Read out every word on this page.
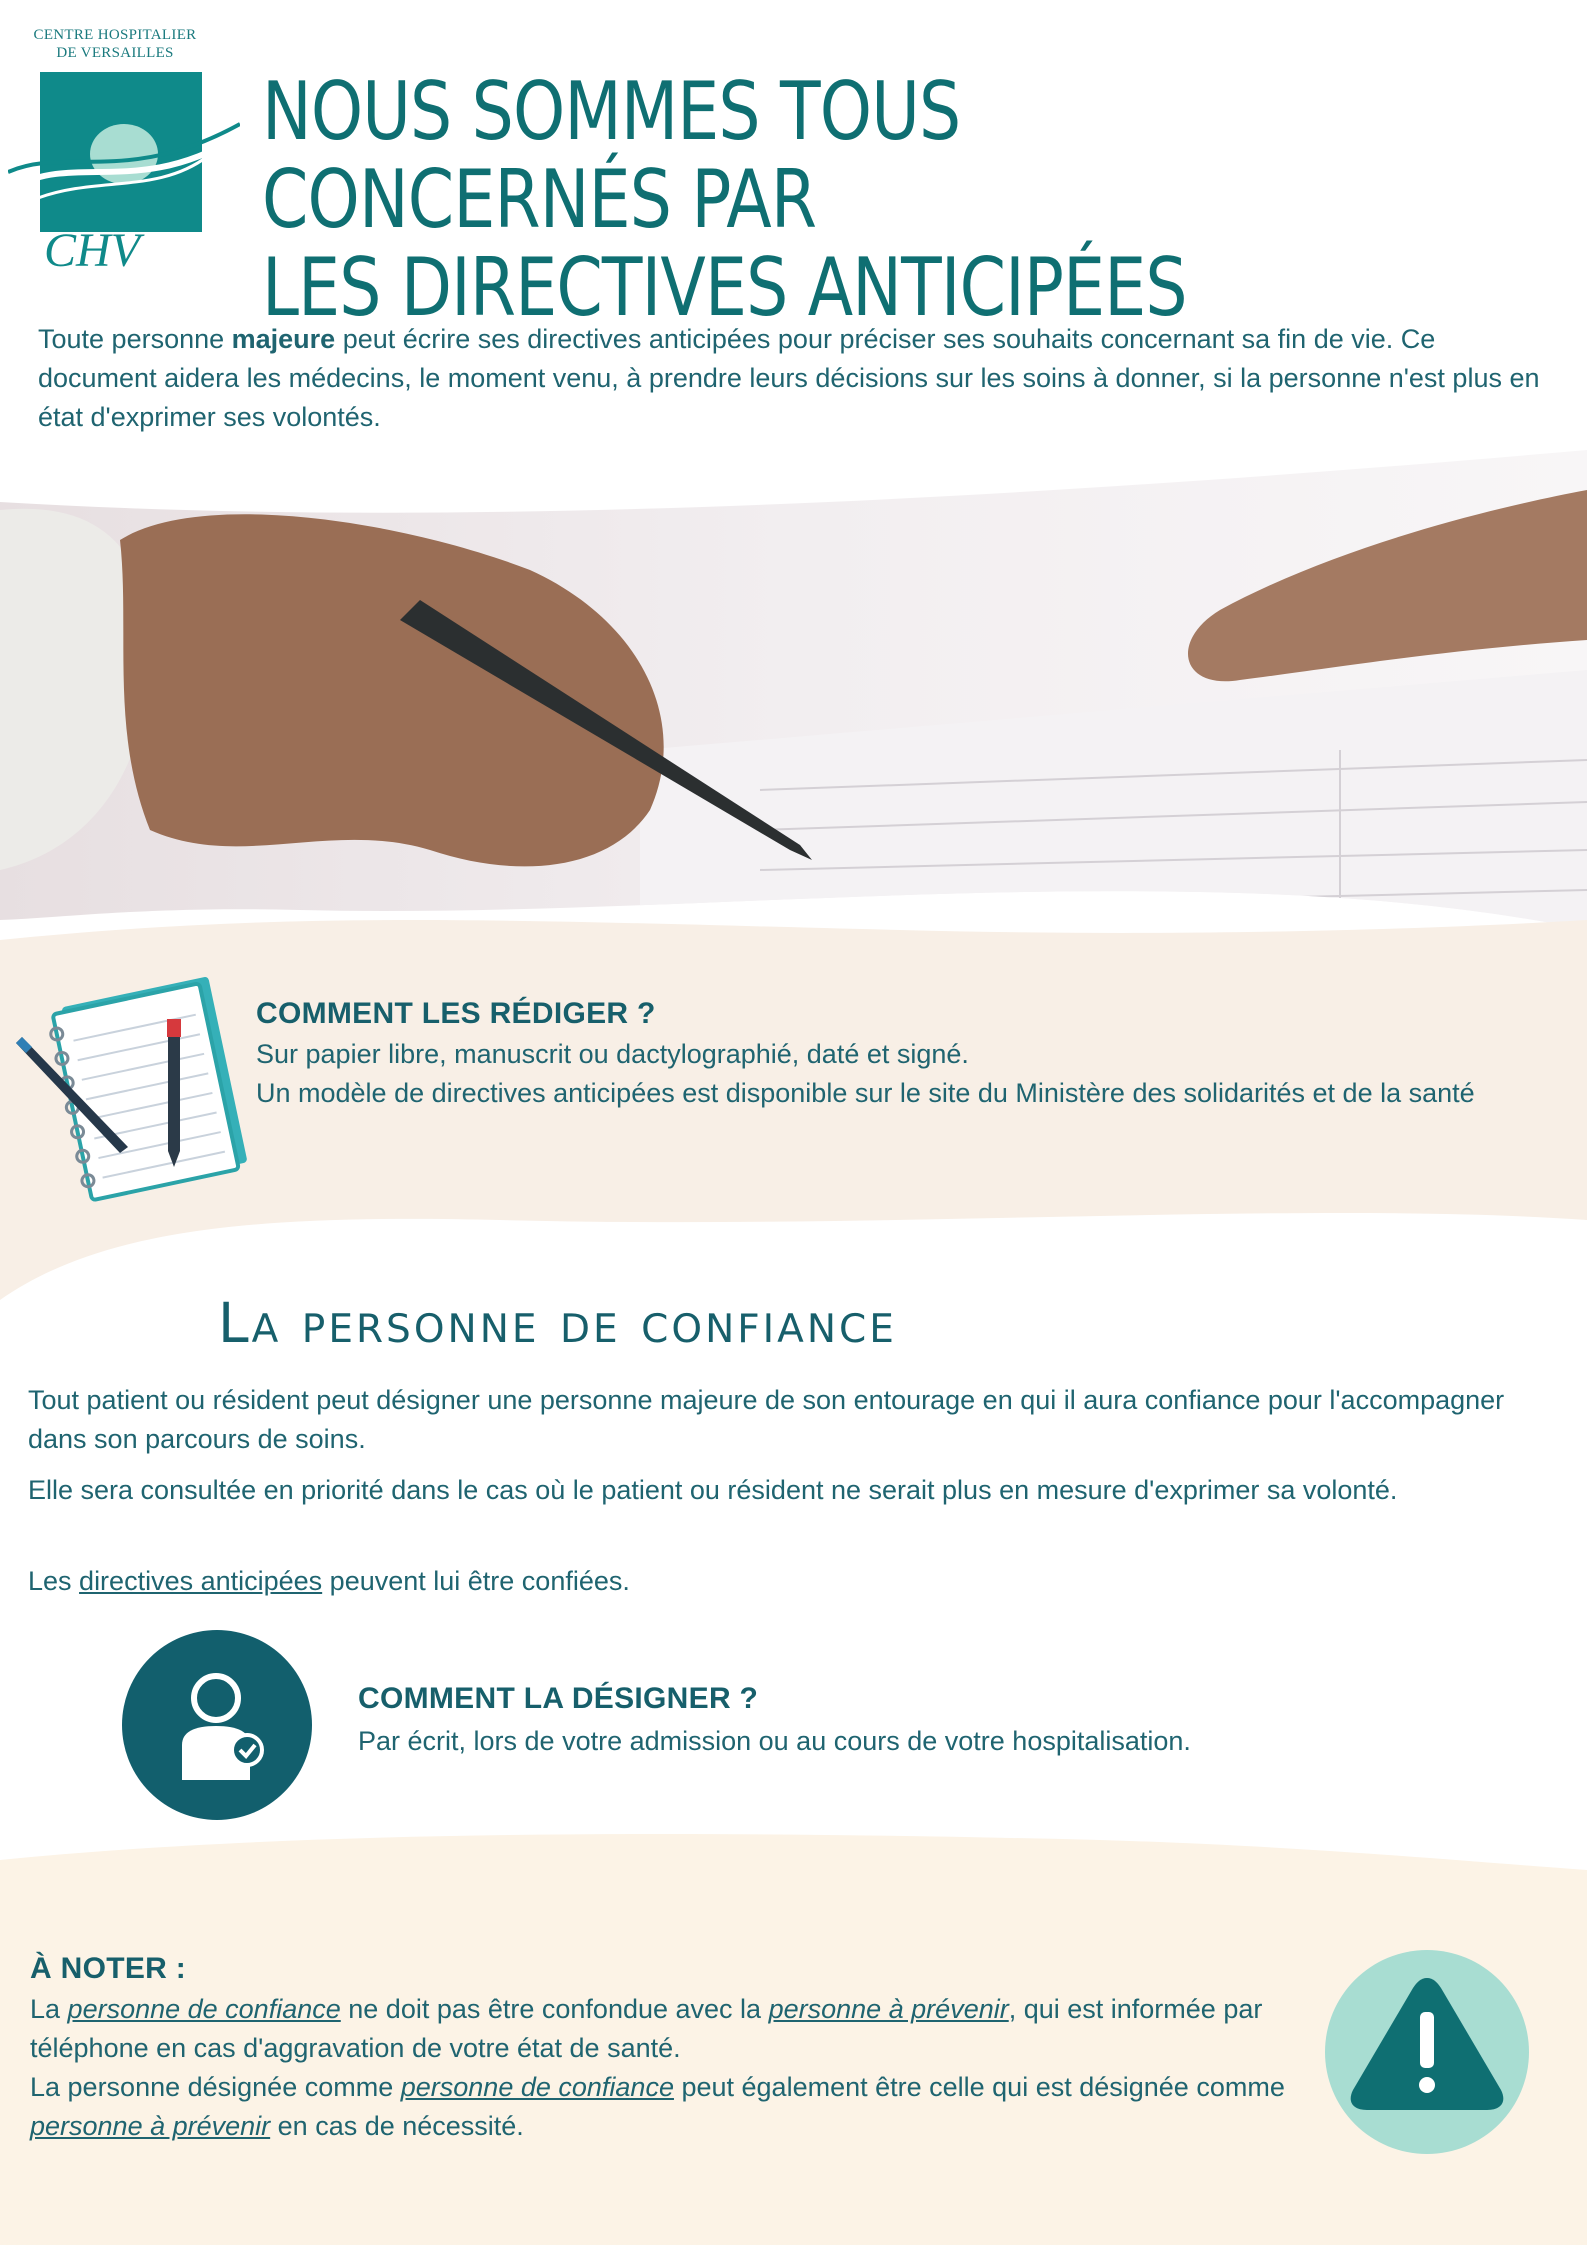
CHV
CENTRE HOSPITALIER
DE VERSAILLES
NOUS SOMMES TOUS CONCERNÉS PAR
LES DIRECTIVES ANTICIPÉES

Toute personne majeure peut écrire ses directives anticipées pour préciser ses souhaits concernant sa fin de vie. Ce document aidera les médecins, le moment venu, à prendre leurs décisions sur les soins à donner, si la personne n'est plus en état d'exprimer ses volontés.

COMMENT LES RÉDIGER ?

Sur papier libre, manuscrit ou dactylographié, daté et signé.

Un modèle de directives anticipées est disponible sur le site du Ministère des solidarités et de la santé

La personne de confiance

Tout patient ou résident peut désigner une personne majeure de son entourage en qui il aura confiance pour l'accompagner dans son parcours de soins.

Elle sera consultée en priorité dans le cas où le patient ou résident ne serait plus en mesure d'exprimer sa volonté.

Les directives anticipées peuvent lui être confiées.

COMMENT LA DÉSIGNER ?

Par écrit, lors de votre admission ou au cours de votre hospitalisation.

À NOTER :

La personne de confiance ne doit pas être confondue avec la personne à prévenir, qui est informée par téléphone en cas d'aggravation de votre état de santé.

La personne désignée comme personne de confiance peut également être celle qui est désignée comme personne à prévenir en cas de nécessité.
